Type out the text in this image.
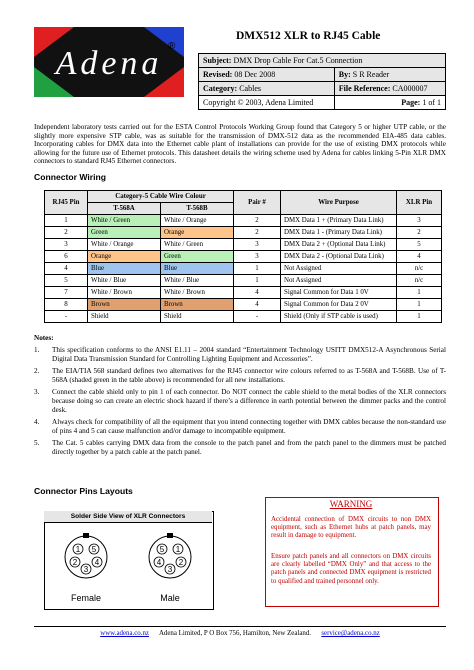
Adena ®
DMX512 XLR to RJ45 Cable
Subject: DMX Drop Cable For Cat.5 Connection	
Revised: 08 Dec 2008	By: S R Reader
Category: Cables	File Reference: CA000007
Copyright © 2003, Adena Limited	Page: 1 of 1
Independent laboratory tests carried out for the ESTA Control Protocols Working Group found that Category 5 or higher UTP cable, or the slightly more expensive STP cable, was as suitable for the transmission of DMX-512 data as the recommended EIA-485 data cables. Incorporating cables for DMX data into the Ethernet cable plant of installations can provide for the use of existing DMX protocols while allowing for the future use of Ethernet protocols. This datasheet details the wiring scheme used by Adena for cables linking 5-Pin XLR DMX connectors to standard RJ45 Ethernet connectors.
Connector Wiring
RJ45 Pin	Category-5 Cable Wire Colour		Pair #	Wire Purpose	XLR Pin
	T-568A	T-568B			
1	White / Green	White / Orange	2	DMX Data 1 + (Primary Data Link)	3
2	Green	Orange	2	DMX Data 1 - (Primary Data Link)	2
3	White / Orange	White / Green	3	DMX Data 2 + (Optional Data Link)	5
6	Orange	Green	3	DMX Data 2 - (Optional Data Link)	4
4	Blue	Blue	1	Not Assigned	n/c
5	White / Blue	White / Blue	1	Not Assigned	n/c
7	White / Brown	White / Brown	4	Signal Common for Data 1 0V	1
8	Brown	Brown	4	Signal Common for Data 2 0V	1
-	Shield	Shield	-	Shield (Only if STP cable is used)	1
Notes:
1. This specification conforms to the ANSI E1.11 – 2004 standard “Entertainment Technology USITT DMX512-A Asynchronous Serial Digital Data Transmission Standard for Controlling Lighting Equipment and Accessories”.
2. The EIA/TIA 568 standard defines two alternatives for the RJ45 connector wire colours referred to as T-568A and T-568B. Use of T-568A (shaded green in the table above) is recommended for all new installations.
3. Connect the cable shield only to pin 1 of each connector. Do NOT connect the cable shield to the metal bodies of the XLR connectors because doing so can create an electric shock hazard if there’s a difference in earth potential between the dimmer packs and the control desk.
4. Always check for compatibility of all the equipment that you intend connecting together with DMX cables because the non-standard use of pins 4 and 5 can cause malfunction and/or damage to incompatible equipment.
5. The Cat. 5 cables carrying DMX data from the console to the patch panel and from the patch panel to the dimmers must be patched directly together by a patch cable at the patch panel.
Connector Pins Layouts
Solder Side View of XLR Connectors
1 5
2 4
3
5 1
4 2
3
Female	Male
WARNING
Accidental connection of DMX circuits to non DMX equipment, such as Ethernet hubs at patch panels, may result in damage to equipment.
Ensure patch panels and all connectors on DMX circuits are clearly labelled “DMX Only” and that access to the patch panels and connected DMX equipment is restricted to qualified and trained personnel only.
www.adena.co.nz Adena Limited, P O Box 756, Hamilton, New Zealand. service@adena.co.nz
